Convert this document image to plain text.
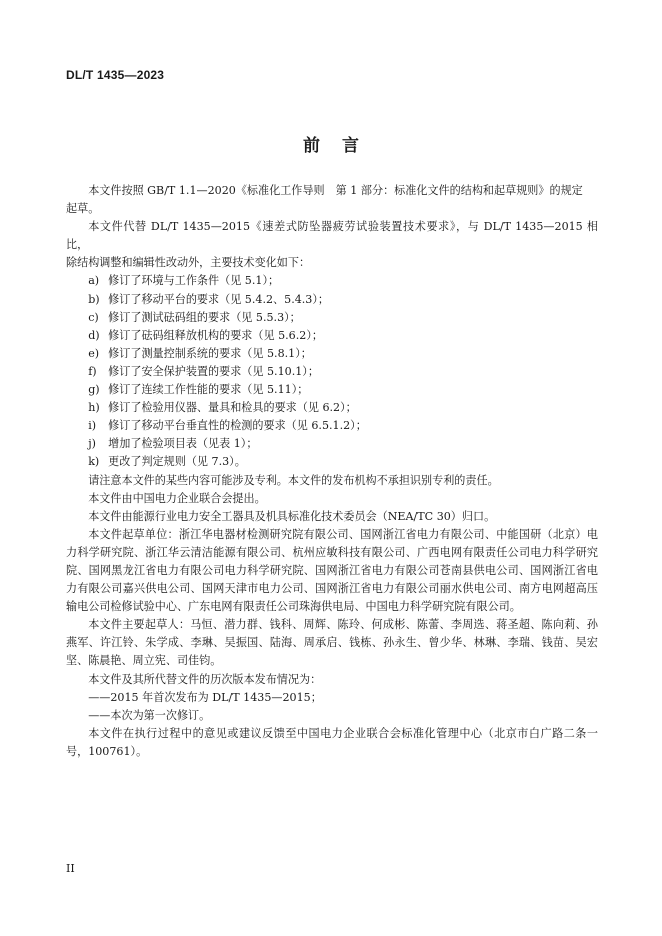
DL/T 1435—2023
前言

本文件按照 GB/T 1.1—2020《标准化工作导则　第 1 部分：标准化文件的结构和起草规则》的规定
起草。

本文件代替 DL/T 1435—2015《速差式防坠器疲劳试验装置技术要求》，与 DL/T 1435—2015 相比，
除结构调整和编辑性改动外，主要技术变化如下：

a) 修订了环境与工作条件（见 5.1）；
b) 修订了移动平台的要求（见 5.4.2、5.4.3）；
c) 修订了测试砝码组的要求（见 5.5.3）；
d) 修订了砝码组释放机构的要求（见 5.6.2）；
e) 修订了测量控制系统的要求（见 5.8.1）；
f) 修订了安全保护装置的要求（见 5.10.1）；
g) 修订了连续工作性能的要求（见 5.11）；
h) 修订了检验用仪器、量具和检具的要求（见 6.2）；
i) 修订了移动平台垂直性的检测的要求（见 6.5.1.2）；
j) 增加了检验项目表（见表 1）；
k) 更改了判定规则（见 7.3）。

请注意本文件的某些内容可能涉及专利。本文件的发布机构不承担识别专利的责任。

本文件由中国电力企业联合会提出。

本文件由能源行业电力安全工器具及机具标准化技术委员会（NEA/TC 30）归口。

本文件起草单位：浙江华电器材检测研究院有限公司、国网浙江省电力有限公司、中能国研（北京）电力科学研究院、浙江华云清洁能源有限公司、杭州应敏科技有限公司、广西电网有限责任公司电力科学研究院、国网黑龙江省电力有限公司电力科学研究院、国网浙江省电力有限公司苍南县供电公司、国网浙江省电力有限公司嘉兴供电公司、国网天津市电力公司、国网浙江省电力有限公司丽水供电公司、南方电网超高压输电公司检修试验中心、广东电网有限责任公司珠海供电局、中国电力科学研究院有限公司。

本文件主要起草人：马恒、潜力群、钱科、周辉、陈玲、何成彬、陈蕾、李周选、蒋圣超、陈向莉、孙燕军、许江铃、朱学成、李琳、吴振国、陆海、周承启、钱栋、孙永生、曾少华、林琳、李瑞、钱苗、吴宏坚、陈晨艳、周立宪、司佳钧。

本文件及其所代替文件的历次版本发布情况为：

——2015 年首次发布为 DL/T 1435—2015；

——本次为第一次修订。

本文件在执行过程中的意见或建议反馈至中国电力企业联合会标准化管理中心（北京市白广路二条一号，100761）。

II
